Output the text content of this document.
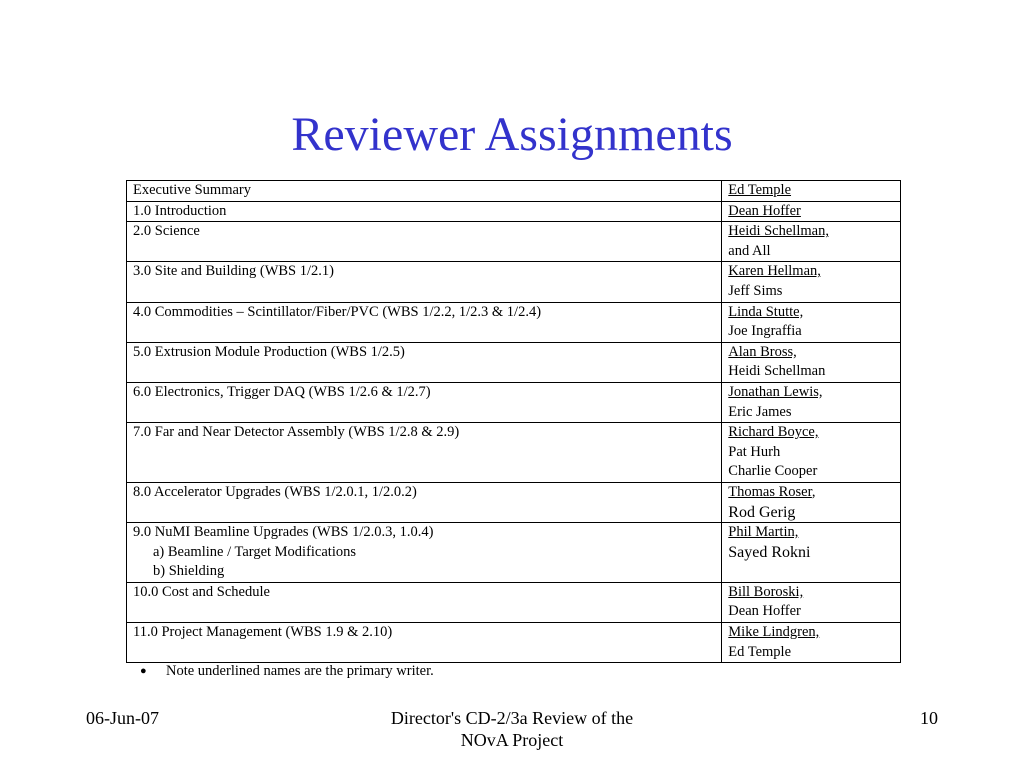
Reviewer Assignments
Executive Summary	Ed Temple

1.0 Introduction	Dean Hoffer

2.0 Science	Heidi Schellman,
and All

3.0 Site and Building (WBS 1/2.1)	Karen Hellman,
Jeff Sims

4.0 Commodities – Scintillator/Fiber/PVC (WBS 1/2.2, 1/2.3 & 1/2.4)	Linda Stutte,
Joe Ingraffia

5.0 Extrusion Module Production (WBS 1/2.5)	Alan Bross,
Heidi Schellman

6.0 Electronics, Trigger DAQ (WBS 1/2.6 & 1/2.7)	Jonathan Lewis,
Eric James

7.0 Far and Near Detector Assembly (WBS 1/2.8 & 2.9)	Richard Boyce,
Pat Hurh
Charlie Cooper

8.0 Accelerator Upgrades (WBS 1/2.0.1, 1/2.0.2)	Thomas Roser,
Rod Gerig

9.0 NuMI Beamline Upgrades (WBS 1/2.0.3, 1.0.4)
a) Beamline / Target Modifications
b) Shielding	Phil Martin,
Sayed Rokni

10.0 Cost and Schedule	Bill Boroski,
Dean Hoffer

11.0 Project Management (WBS 1.9 & 2.10)	Mike Lindgren,
Ed Temple
● Note underlined names are the primary writer.
06-Jun-07	Director's CD-2/3a Review of the
NOvA Project
10
